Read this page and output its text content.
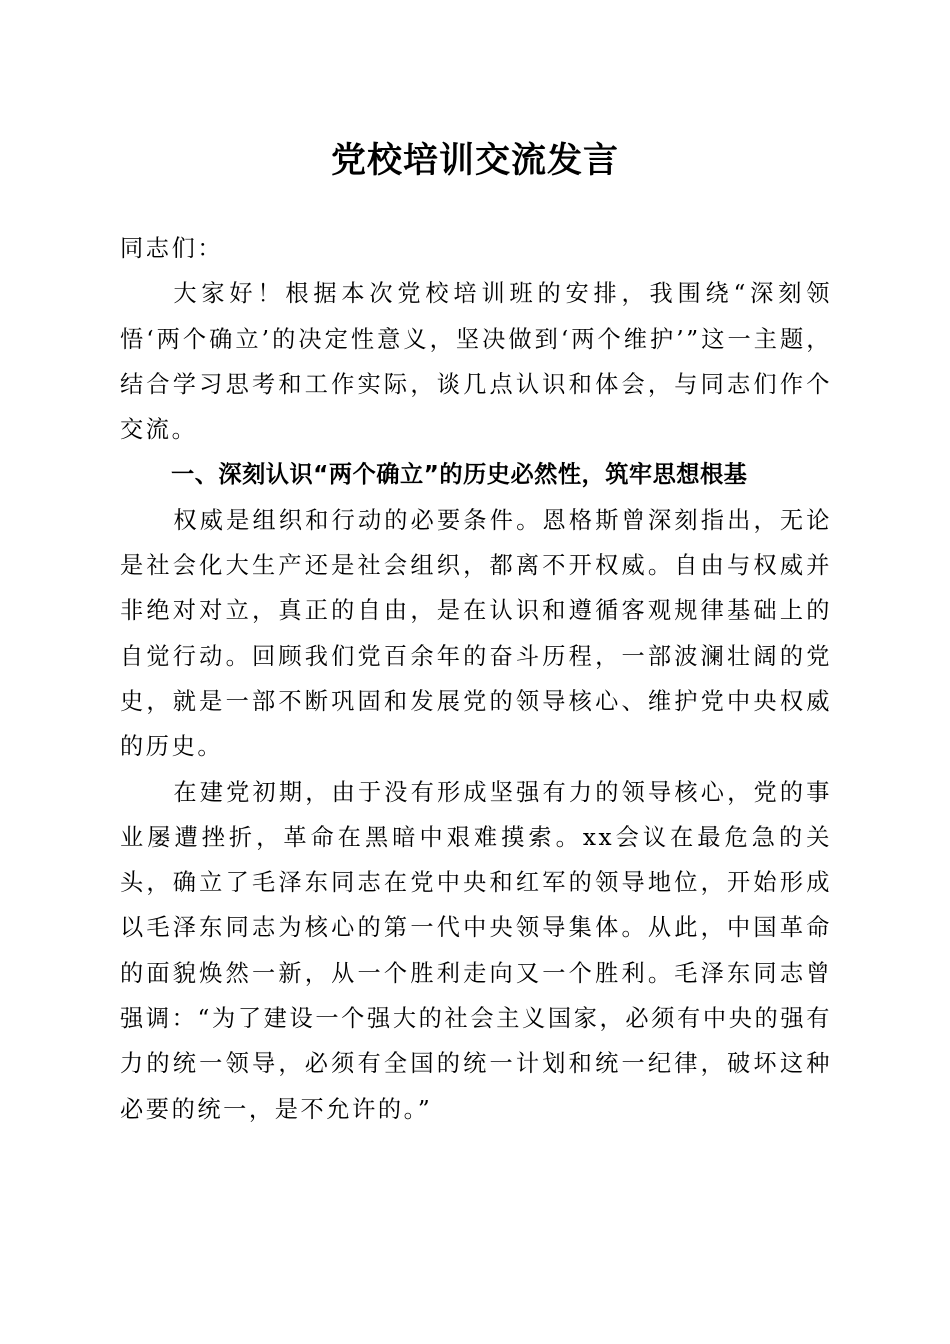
党校培训交流发言

同志们：

大家好！根据本次党校培训班的安排，我围绕“深刻领悟‘两个确立’的决定性意义，坚决做到‘两个维护’”这一主题，结合学习思考和工作实际，谈几点认识和体会，与同志们作个交流。

一、深刻认识“两个确立”的历史必然性，筑牢思想根基

权威是组织和行动的必要条件。恩格斯曾深刻指出，无论是社会化大生产还是社会组织，都离不开权威。自由与权威并非绝对对立，真正的自由，是在认识和遵循客观规律基础上的自觉行动。回顾我们党百余年的奋斗历程，一部波澜壮阔的党史，就是一部不断巩固和发展党的领导核心、维护党中央权威的历史。

在建党初期，由于没有形成坚强有力的领导核心，党的事业屡遭挫折，革命在黑暗中艰难摸索。xx会议在最危急的关头，确立了毛泽东同志在党中央和红军的领导地位，开始形成以毛泽东同志为核心的第一代中央领导集体。从此，中国革命的面貌焕然一新，从一个胜利走向又一个胜利。毛泽东同志曾强调：“为了建设一个强大的社会主义国家，必须有中央的强有力的统一领导，必须有全国的统一计划和统一纪律，破坏这种必要的统一，是不允许的。”
